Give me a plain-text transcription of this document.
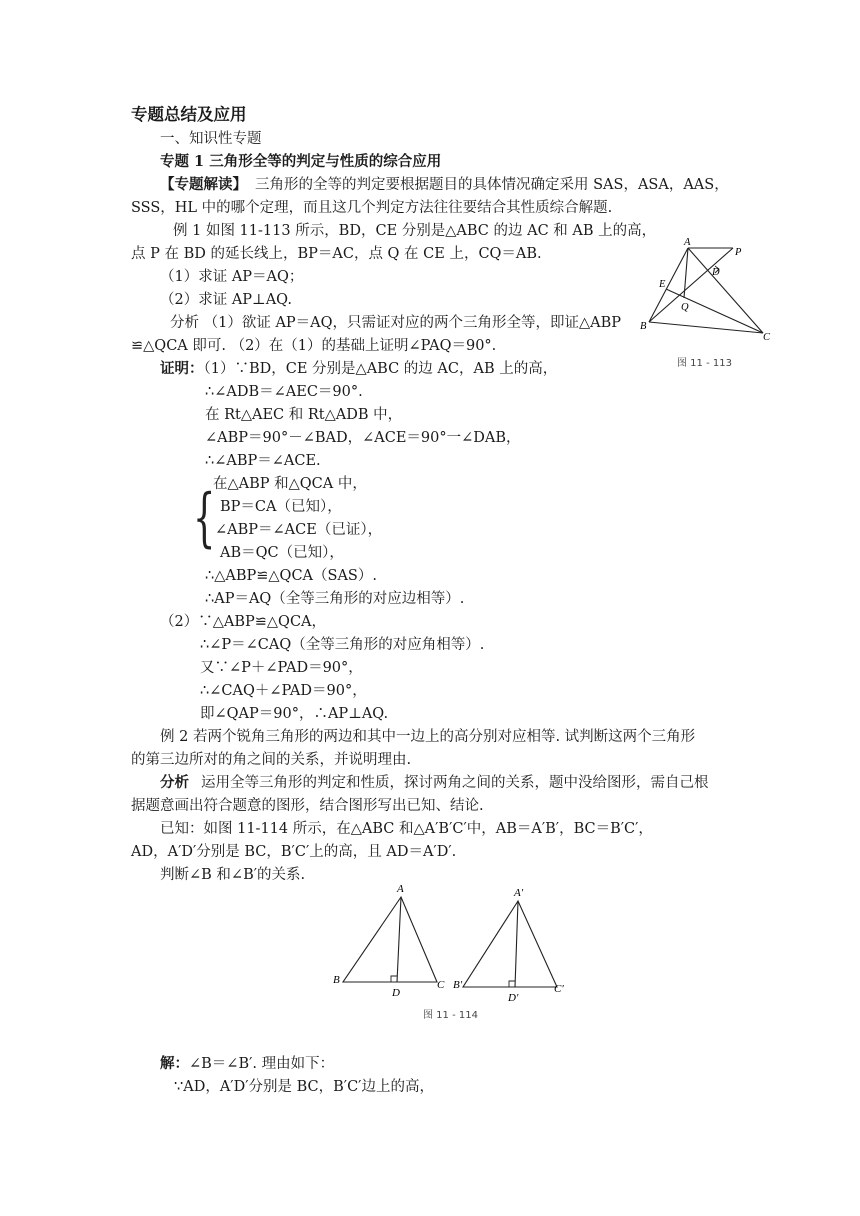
专题总结及应用
一、知识性专题
专题 1 三角形全等的判定与性质的综合应用
【专题解读】 三角形的全等的判定要根据题目的具体情况确定采用 SAS，ASA，AAS，
SSS，HL 中的哪个定理，而且这几个判定方法往往要结合其性质综合解题.
例 1 如图 11-113 所示，BD，CE 分别是△ABC 的边 AC 和 AB 上的高，
点 P 在 BD 的延长线上，BP＝AC，点 Q 在 CE 上，CQ＝AB.
（1）求证 AP＝AQ；
（2）求证 AP⊥AQ.
分析 （1）欲证 AP＝AQ，只需证对应的两个三角形全等，即证△ABP
≌△QCA 即可. （2）在（1）的基础上证明∠PAQ＝90°.
A
P
D
E
Q
B
C
图 11 - 113
证明：（1）∵BD，CE 分别是△ABC 的边 AC，AB 上的高，
∴∠ADB＝∠AEC＝90°.
在 Rt△AEC 和 Rt△ADB 中，
∠ABP＝90°－∠BAD，∠ACE＝90°一∠DAB，
∴∠ABP＝∠ACE.
在△ABP 和△QCA 中，
{ BP＝CA（已知），
∠ABP＝∠ACE（已证），
AB＝QC（已知），
∴△ABP≌△QCA（SAS）.
∴AP＝AQ（全等三角形的对应边相等）.
（2）∵△ABP≌△QCA，
∴∠P＝∠CAQ（全等三角形的对应角相等）.
又∵∠P＋∠PAD＝90°，
∴∠CAQ＋∠PAD＝90°，
即∠QAP＝90°，∴AP⊥AQ.
例 2 若两个锐角三角形的两边和其中一边上的高分别对应相等. 试判断这两个三角形
的第三边所对的角之间的关系，并说明理由.
分析 运用全等三角形的判定和性质，探讨两角之间的关系，题中没给图形，需自己根
据题意画出符合题意的图形，结合图形写出已知、结论.
已知：如图 11-114 所示，在△ABC 和△A′B′C′中，AB＝A′B′，BC＝B′C′，
AD，A′D′分别是 BC，B′C′上的高，且 AD＝A′D′.
判断∠B 和∠B′的关系.
A
B	C
D
A′
B′	C′
D′
图 11 - 114
解：∠B＝∠B′. 理由如下：
∵AD，A′D′分别是 BC，B′C′边上的高，
